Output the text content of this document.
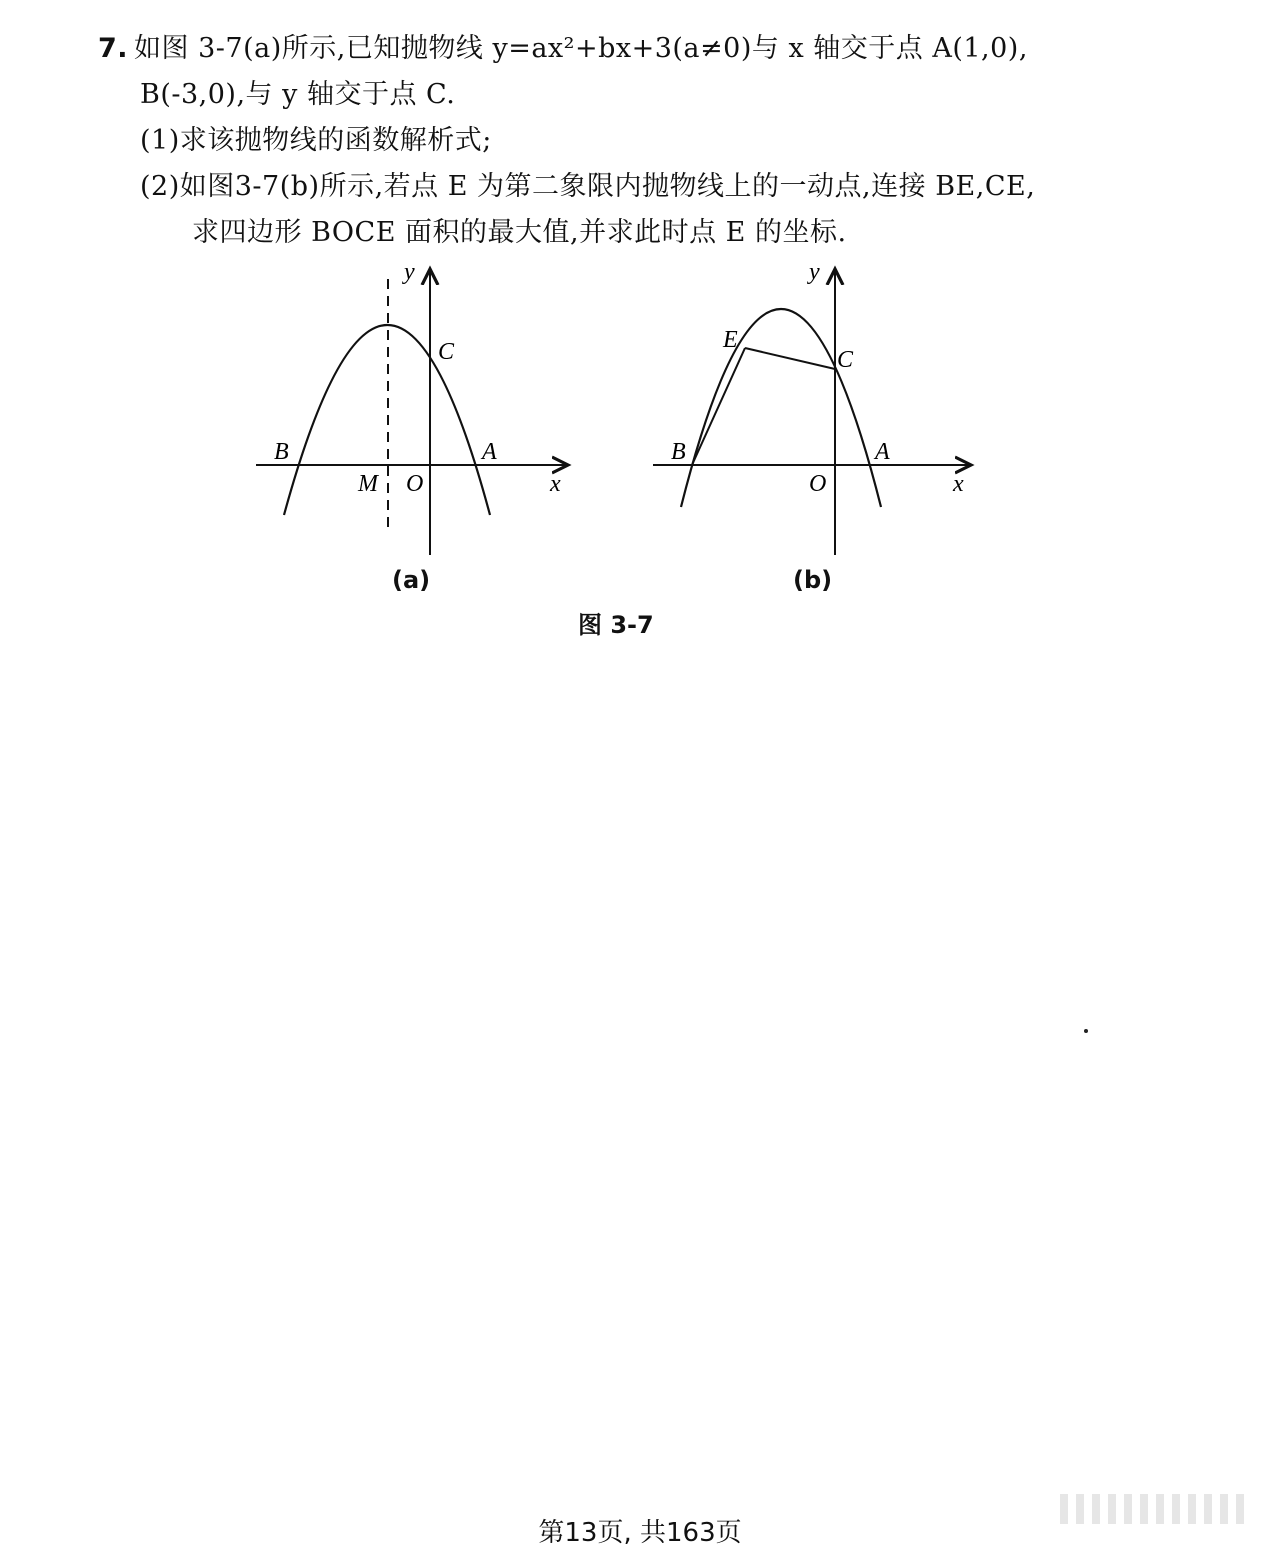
7. 如图 3-7(a)所示,已知抛物线 y=ax²+bx+3(a≠0)与 x 轴交于点 A(1,0),
B(-3,0),与 y 轴交于点 C.
(1)求该抛物线的函数解析式;
(2)如图3-7(b)所示,若点 E 为第二象限内抛物线上的一动点,连接 BE,CE,
求四边形 BOCE 面积的最大值,并求此时点 E 的坐标.
y
x
C
B	A
M O
(a)
y
x
C
E
B	A
O
(b)
图 3-7
第13页, 共163页
